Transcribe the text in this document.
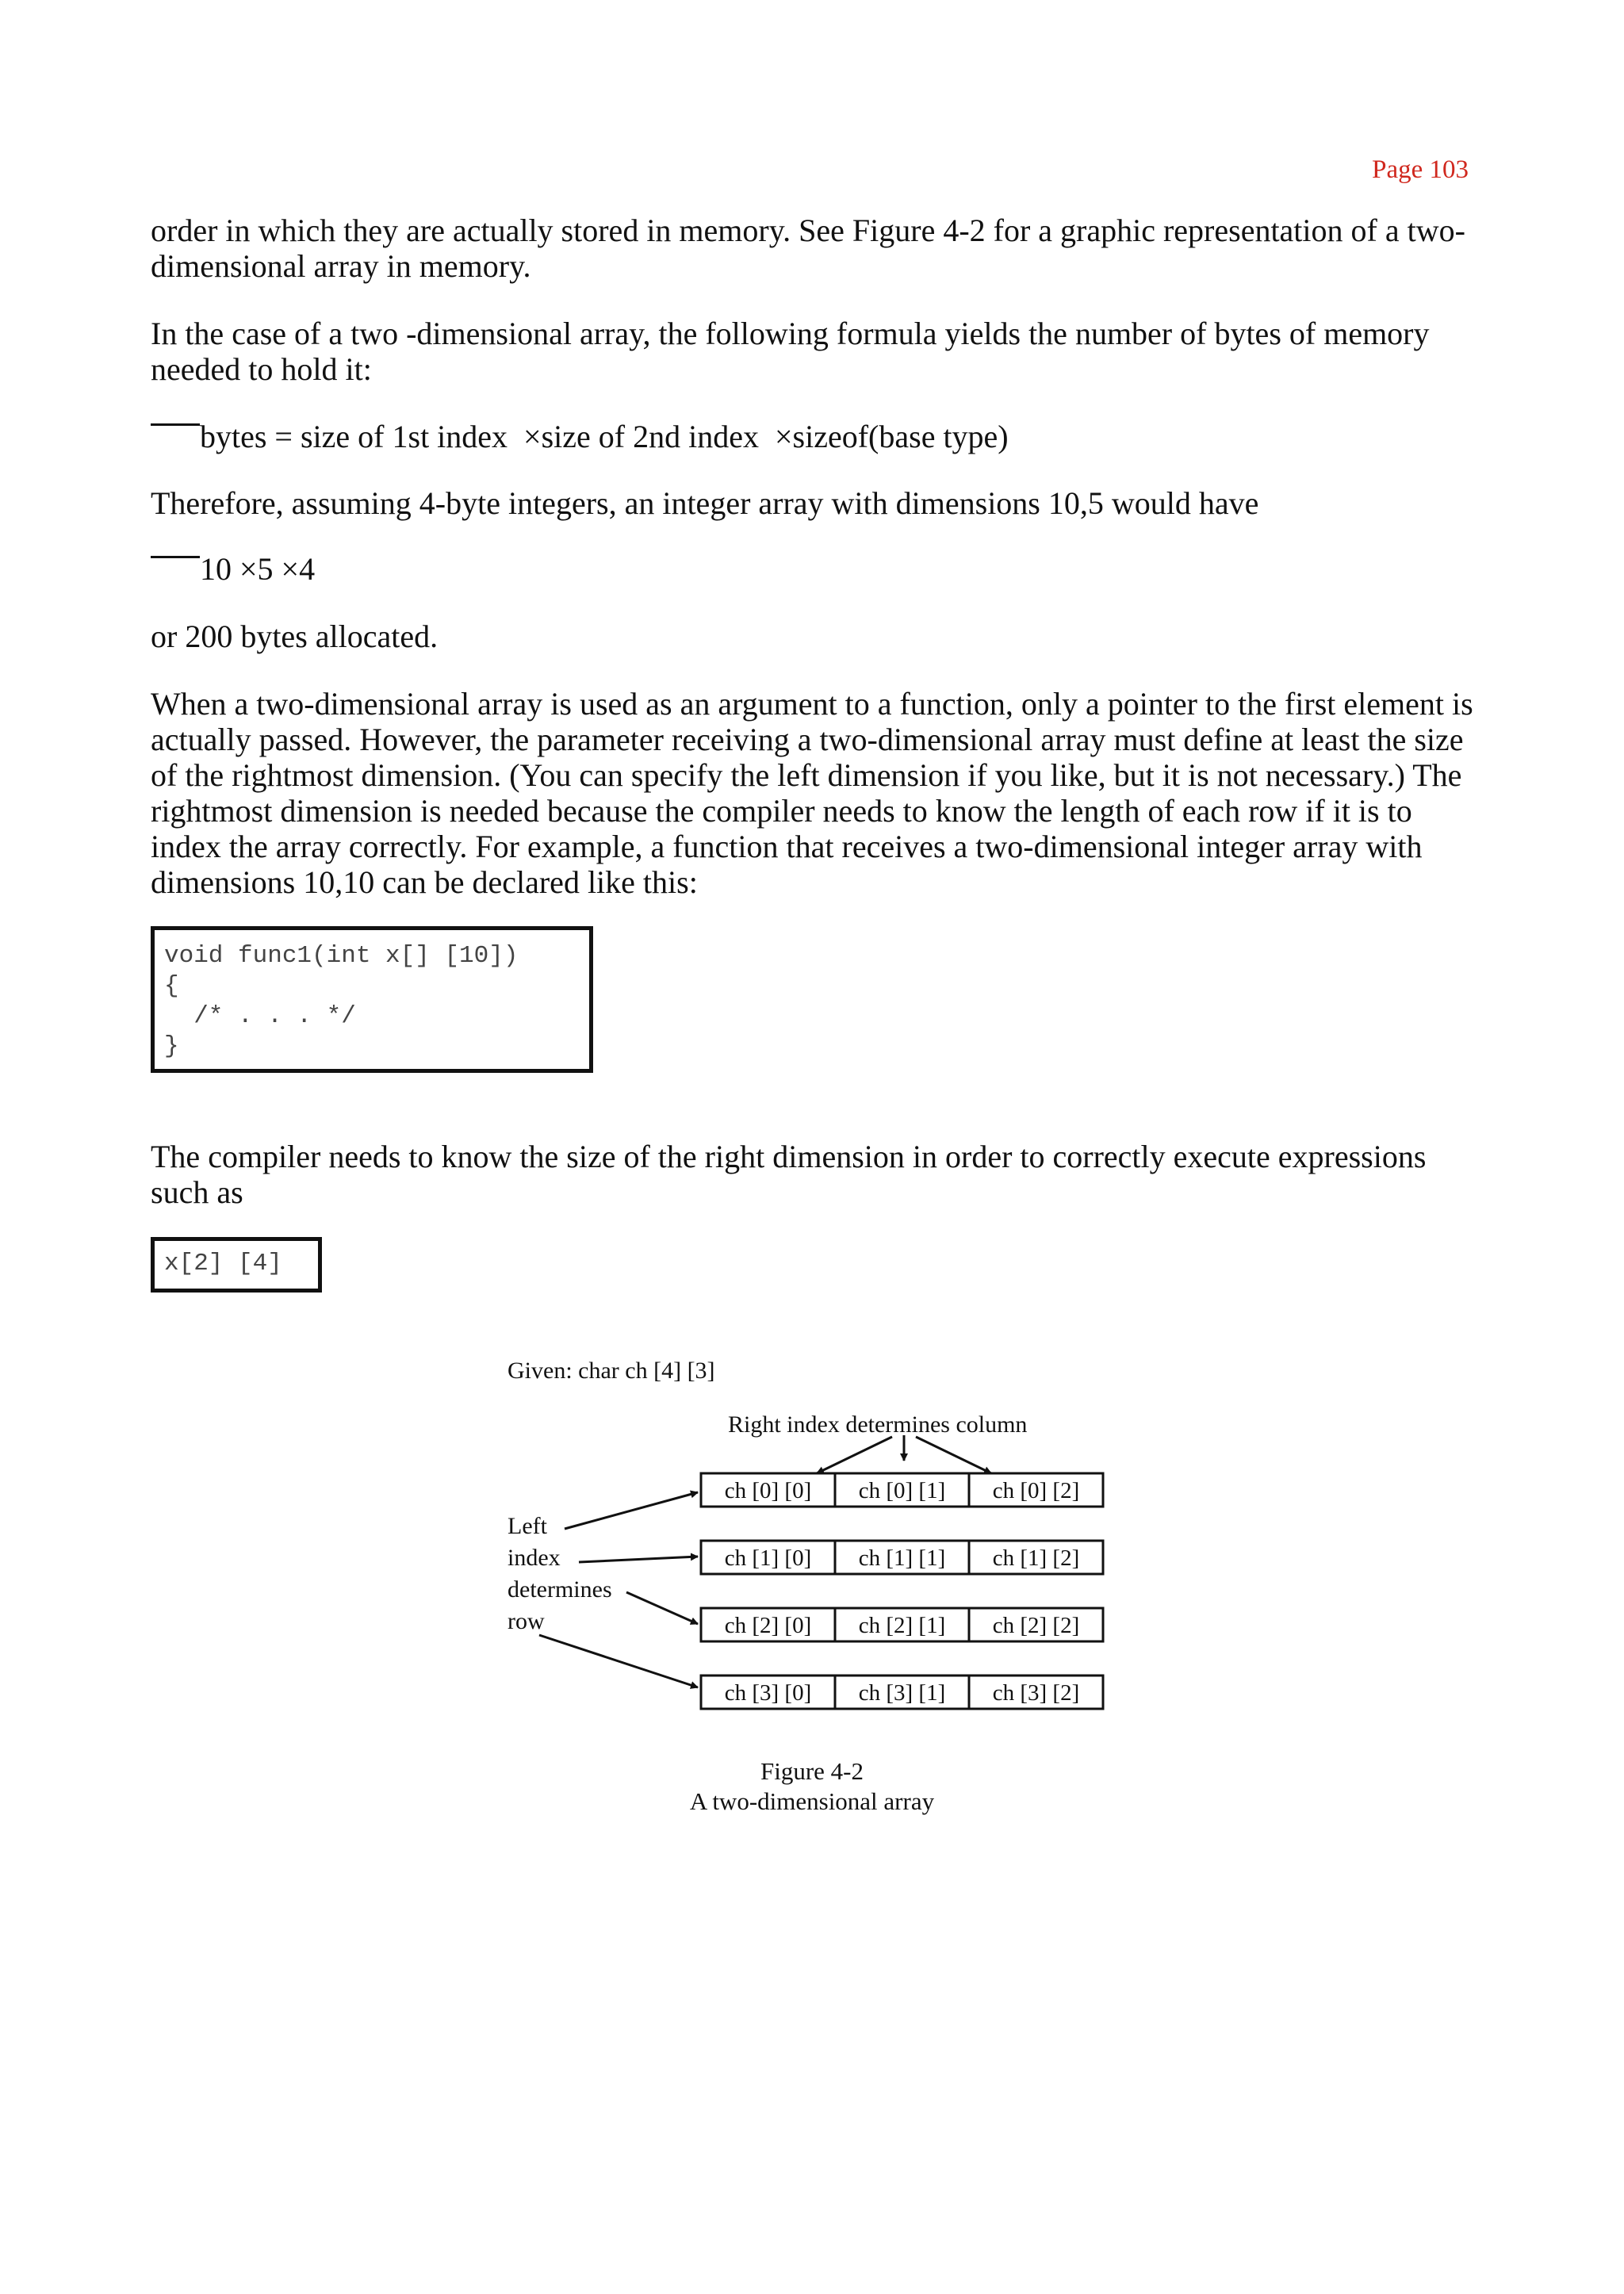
Page 103

order in which they are actually stored in memory. See Figure 4-2 for a graphic representation of a two-dimensional array in memory.

In the case of a two -dimensional array, the following formula yields the number of bytes of memory needed to hold it:

bytes = size of 1st index  ×size of 2nd index  ×sizeof(base type)

Therefore, assuming 4-byte integers, an integer array with dimensions 10,5 would have

10 ×5 ×4

or 200 bytes allocated.

When a two-dimensional array is used as an argument to a function, only a pointer to the first element is actually passed. However, the parameter receiving a two-dimensional array must define at least the size of the rightmost dimension. (You can specify the left dimension if you like, but it is not necessary.) The rightmost dimension is needed because the compiler needs to know the length of each row if it is to index the array correctly. For example, a function that receives a two-dimensional integer array with dimensions 10,10 can be declared like this:

void func1(int x[] [10])
{
/* . . . */
}

The compiler needs to know the size of the right dimension in order to correctly execute expressions such as

x[2] [4]
Given: char ch [4] [3]
Right index determines column
Left
index
determines
row
ch [0] [0] ch [0] [1] ch [0] [2]
ch [1] [0] ch [1] [1] ch [1] [2]
ch [2] [0] ch [2] [1] ch [2] [2]
ch [3] [0] ch [3] [1] ch [3] [2]
Figure 4-2
A two-dimensional array
